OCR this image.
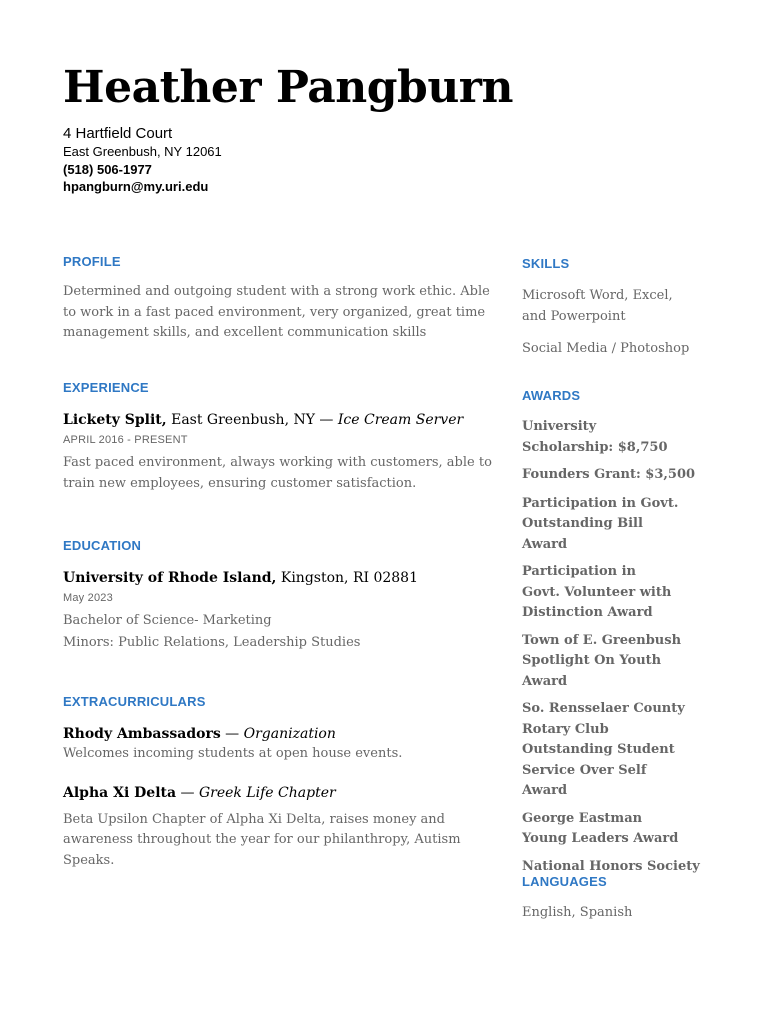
Heather Pangburn
4 Hartfield Court
East Greenbush, NY 12061
(518) 506-1977
hpangburn@my.uri.edu
PROFILE
Determined and outgoing student with a strong work ethic. Able to work in a fast paced environment, very organized, great time management skills, and excellent communication skills
EXPERIENCE
Lickety Split, East Greenbush, NY — Ice Cream Server
APRIL 2016 - PRESENT
Fast paced environment, always working with customers, able to train new employees, ensuring customer satisfaction.
EDUCATION
University of Rhode Island, Kingston, RI 02881
May 2023
Bachelor of Science- Marketing
Minors: Public Relations, Leadership Studies
EXTRACURRICULARS
Rhody Ambassadors — Organization
Welcomes incoming students at open house events.
Alpha Xi Delta — Greek Life Chapter
Beta Upsilon Chapter of Alpha Xi Delta, raises money and awareness throughout the year for our philanthropy, Autism Speaks.
SKILLS
Microsoft Word, Excel, and Powerpoint
Social Media / Photoshop
AWARDS
University Scholarship: $8,750
Founders Grant: $3,500
Participation in Govt. Outstanding Bill Award
Participation in Govt. Volunteer with Distinction Award
Town of E. Greenbush Spotlight On Youth Award
So. Rensselaer County Rotary Club Outstanding Student Service Over Self Award
George Eastman Young Leaders Award
National Honors Society
LANGUAGES
English, Spanish
